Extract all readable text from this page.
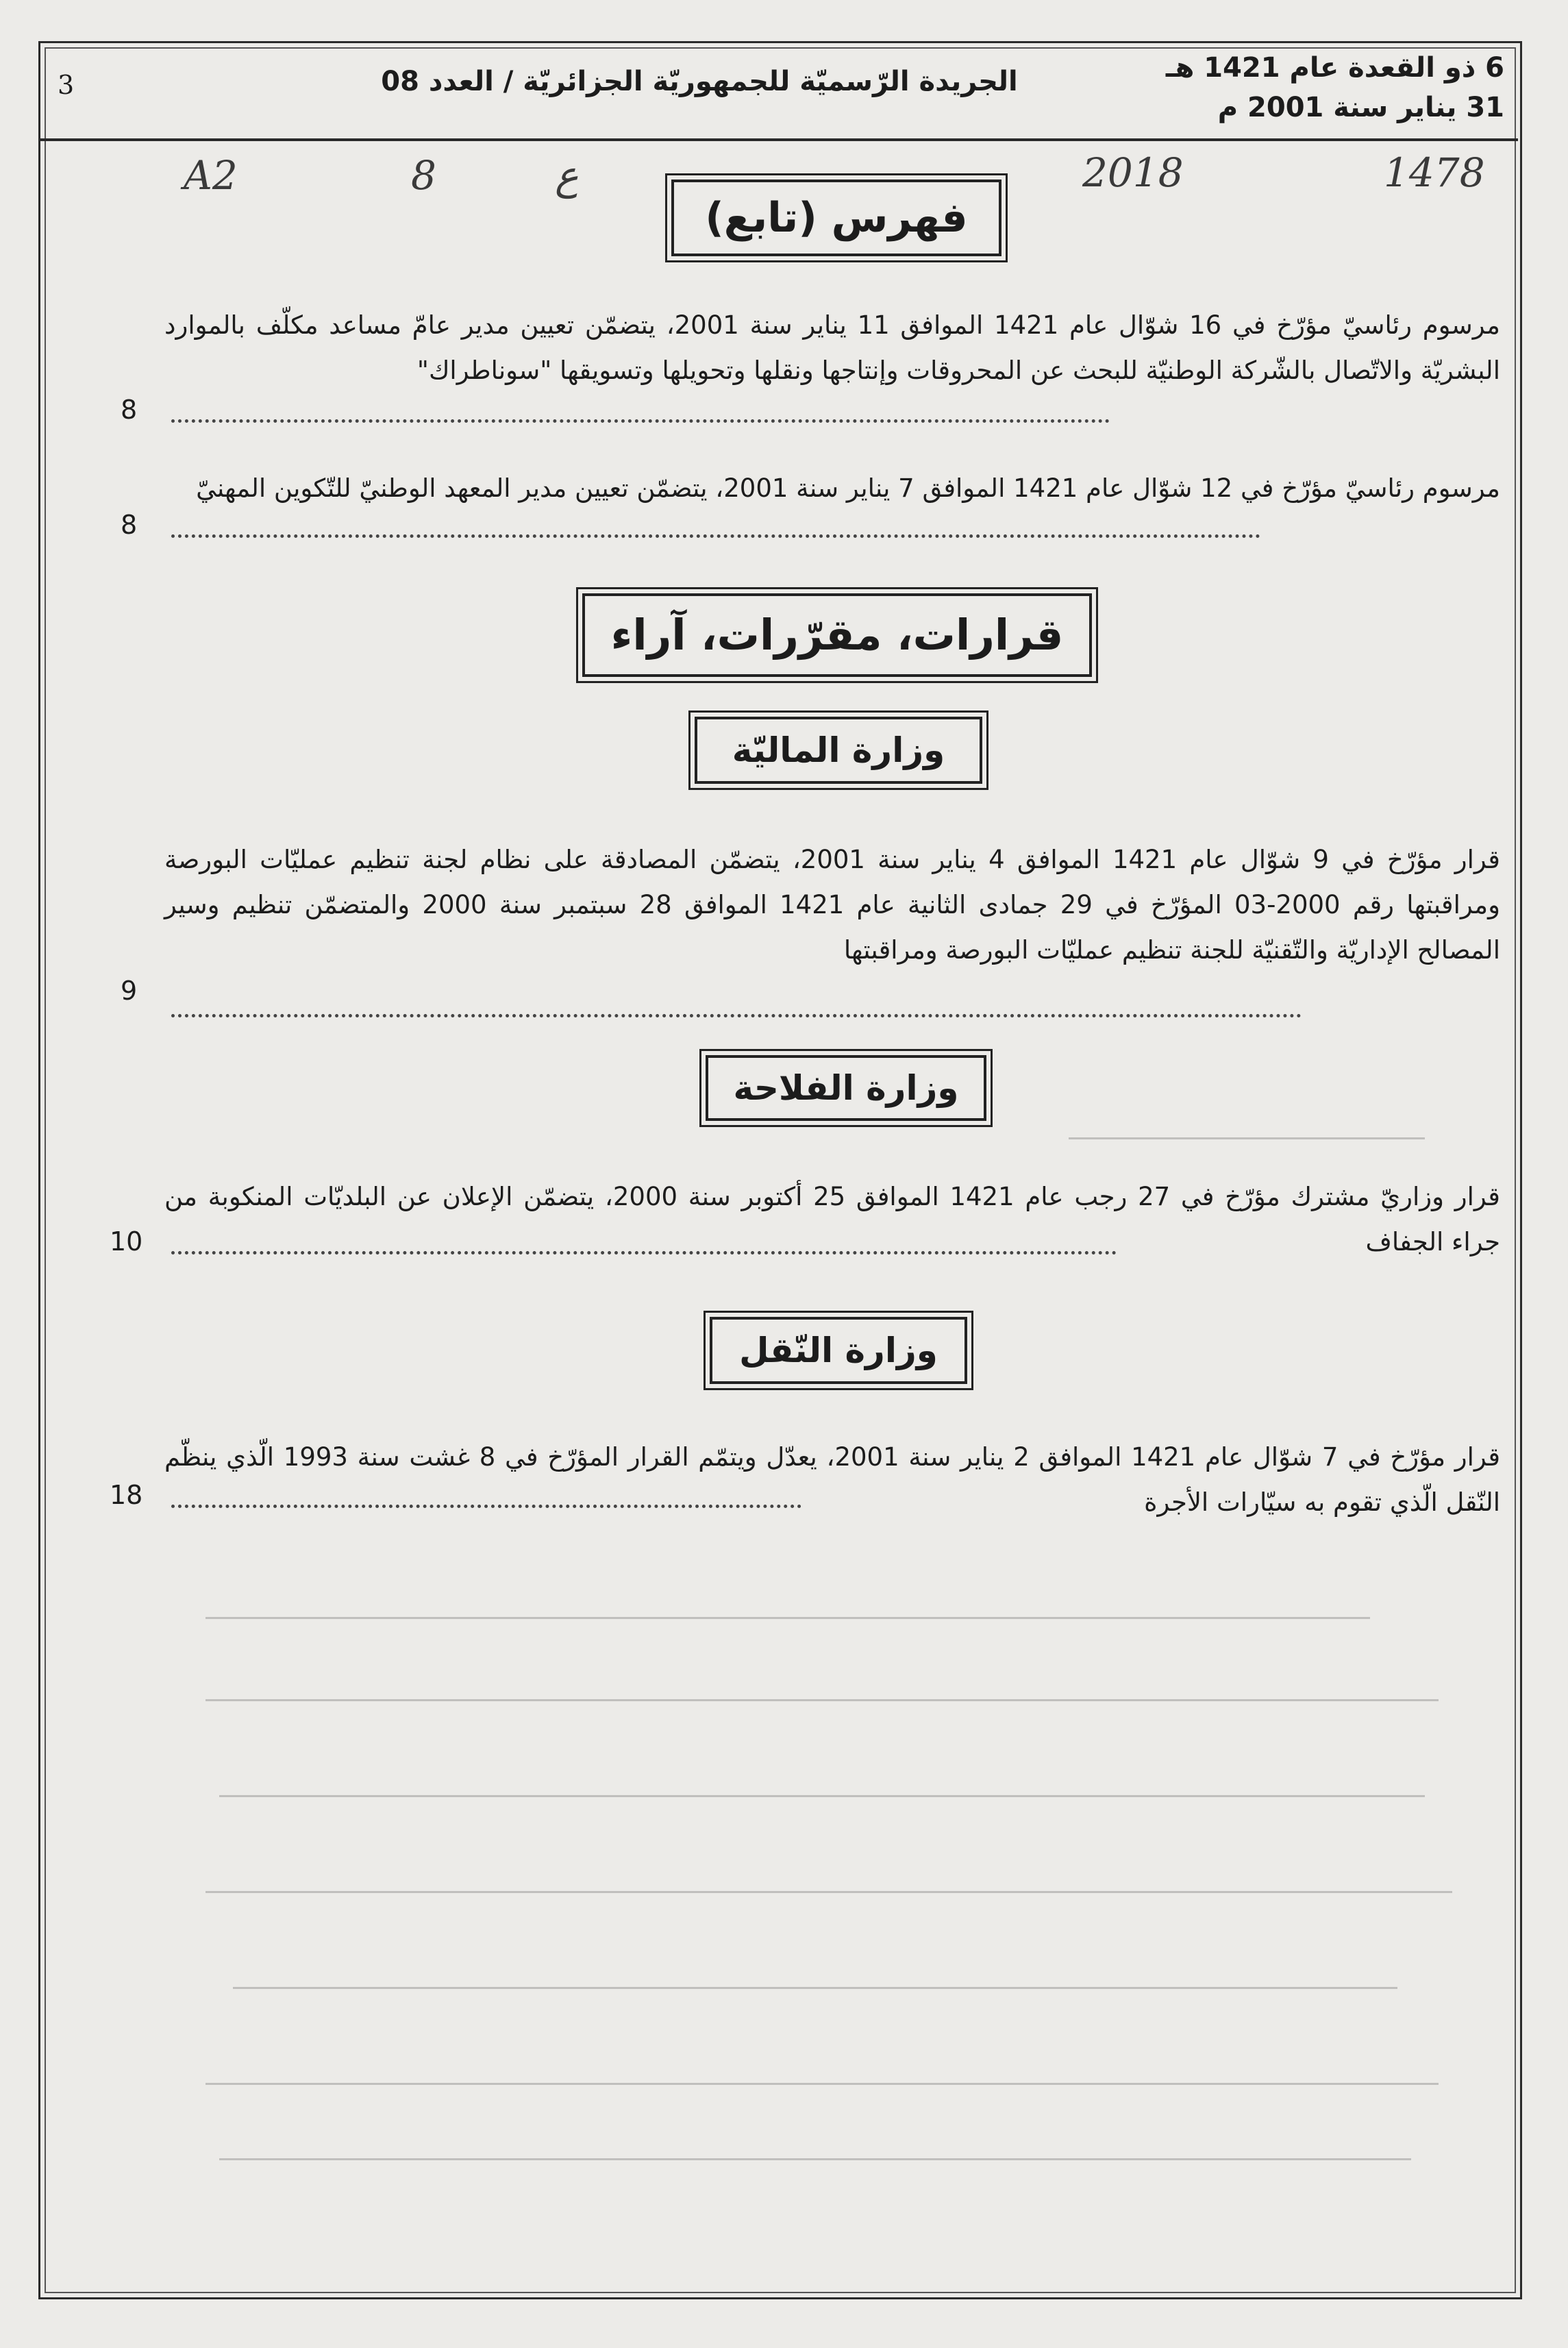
3	الجريدة الرّسميّة للجمهوريّة الجزائريّة / العدد 08	6 ذو القعدة عام 1421 هـ
31 يناير سنة 2001 م
A2	8	ع	2018	1478
فهرس (تابع)
مرسوم رئاسيّ مؤرّخ في 16 شوّال عام 1421 الموافق 11 يناير سنة 2001، يتضمّن تعيين مدير عامّ مساعد مكلّف بالموارد البشريّة والاتّصال بالشّركة الوطنيّة للبحث عن المحروقات وإنتاجها ونقلها وتحويلها وتسويقها "سوناطراك"
8
مرسوم رئاسيّ مؤرّخ في 12 شوّال عام 1421 الموافق 7 يناير سنة 2001، يتضمّن تعيين مدير المعهد الوطنيّ للتّكوين المهنيّ
8
قرارات، مقرّرات، آراء
وزارة الماليّة
قرار مؤرّخ في 9 شوّال عام 1421 الموافق 4 يناير سنة 2001، يتضمّن المصادقة على نظام لجنة تنظيم عمليّات البورصة ومراقبتها رقم 2000-03 المؤرّخ في 29 جمادى الثانية عام 1421 الموافق 28 سبتمبر سنة 2000 والمتضمّن تنظيم وسير المصالح الإداريّة والتّقنيّة للجنة تنظيم عمليّات البورصة ومراقبتها
9
وزارة الفلاحة
قرار وزاريّ مشترك مؤرّخ في 27 رجب عام 1421 الموافق 25 أكتوبر سنة 2000، يتضمّن الإعلان عن البلديّات المنكوبة من جراء الجفاف
10
وزارة النّقل
قرار مؤرّخ في 7 شوّال عام 1421 الموافق 2 يناير سنة 2001، يعدّل ويتمّم القرار المؤرّخ في 8 غشت سنة 1993 الّذي ينظّم النّقل الّذي تقوم به سيّارات الأجرة
18
